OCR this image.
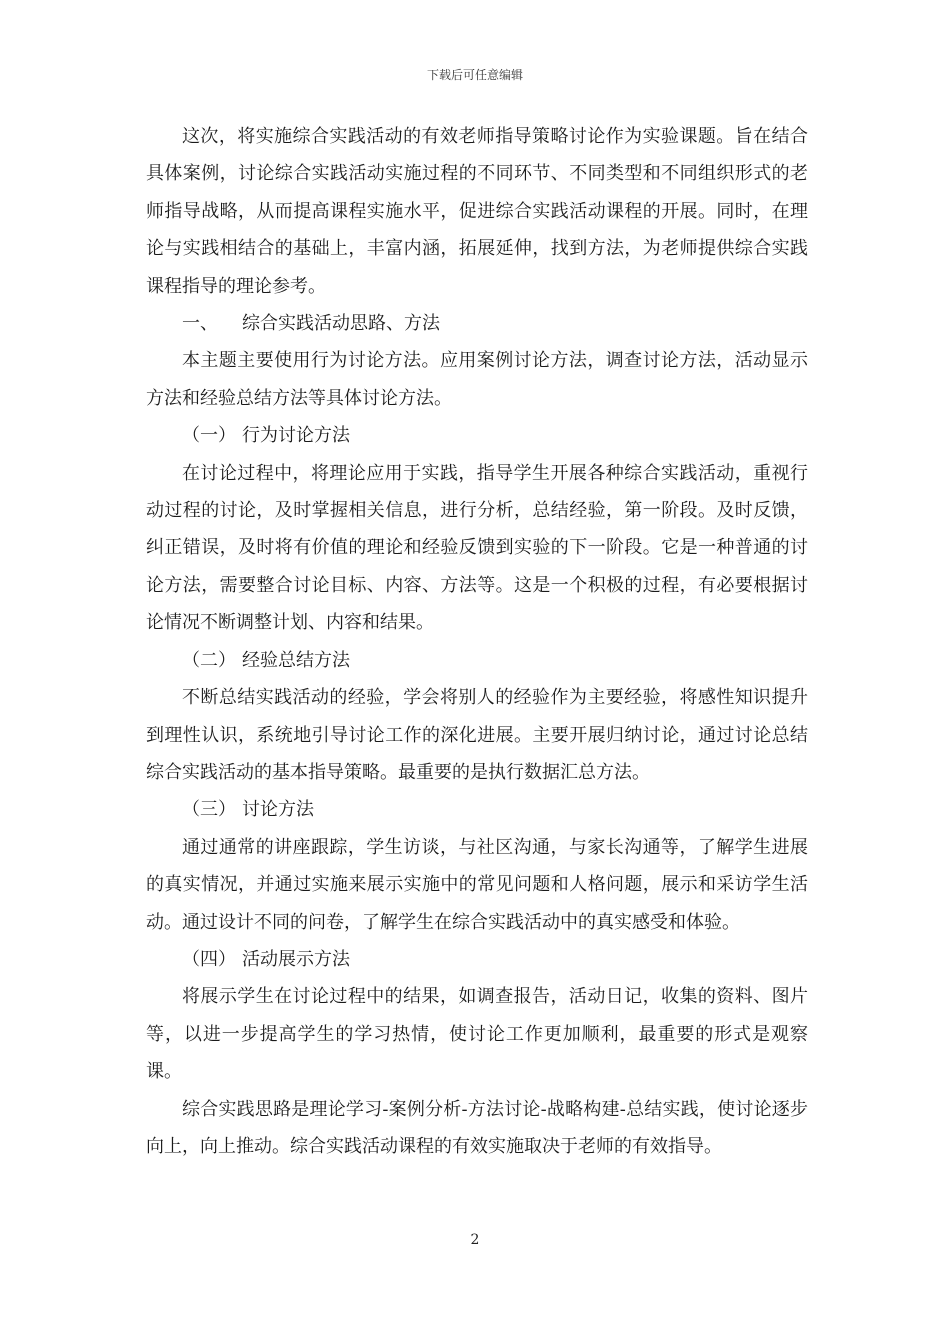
下载后可任意编辑

这次，将实施综合实践活动的有效老师指导策略讨论作为实验课题。旨在结合具体案例，讨论综合实践活动实施过程的不同环节、不同类型和不同组织形式的老师指导战略，从而提高课程实施水平，促进综合实践活动课程的开展。同时，在理论与实践相结合的基础上，丰富内涵，拓展延伸，找到方法，为老师提供综合实践课程指导的理论参考。

一、 综合实践活动思路、方法

本主题主要使用行为讨论方法。应用案例讨论方法，调查讨论方法，活动显示方法和经验总结方法等具体讨论方法。

（一） 行为讨论方法

在讨论过程中，将理论应用于实践，指导学生开展各种综合实践活动，重视行动过程的讨论，及时掌握相关信息，进行分析，总结经验，第一阶段。及时反馈，纠正错误，及时将有价值的理论和经验反馈到实验的下一阶段。它是一种普通的讨论方法，需要整合讨论目标、内容、方法等。这是一个积极的过程，有必要根据讨论情况不断调整计划、内容和结果。

（二） 经验总结方法

不断总结实践活动的经验，学会将别人的经验作为主要经验，将感性知识提升到理性认识，系统地引导讨论工作的深化进展。主要开展归纳讨论，通过讨论总结综合实践活动的基本指导策略。最重要的是执行数据汇总方法。

（三） 讨论方法

通过通常的讲座跟踪，学生访谈，与社区沟通，与家长沟通等，了解学生进展的真实情况，并通过实施来展示实施中的常见问题和人格问题，展示和采访学生活动。通过设计不同的问卷，了解学生在综合实践活动中的真实感受和体验。

（四） 活动展示方法

将展示学生在讨论过程中的结果，如调查报告，活动日记，收集的资料、图片等，以进一步提高学生的学习热情，使讨论工作更加顺利，最重要的形式是观察课。

综合实践思路是理论学习-案例分析-方法讨论-战略构建-总结实践，使讨论逐步向上，向上推动。综合实践活动课程的有效实施取决于老师的有效指导。

2
